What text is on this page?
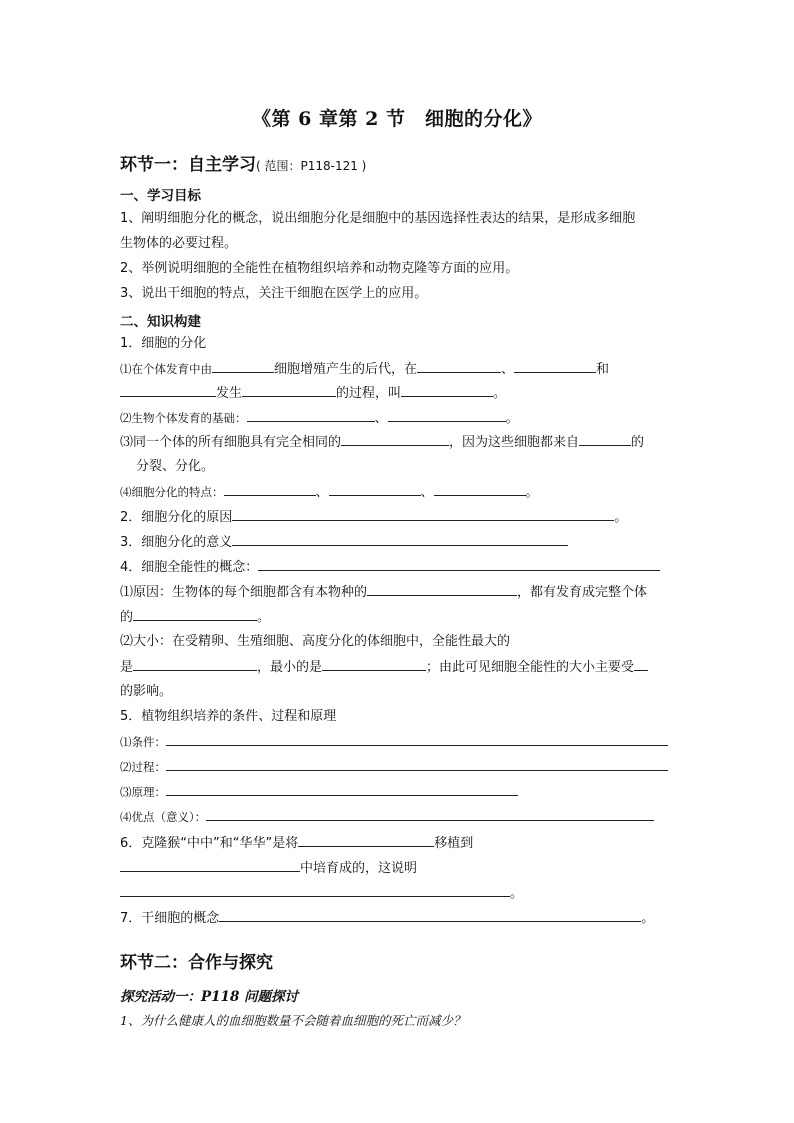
《第 6 章第 2 节　细胞的分化》
环节一：自主学习( 范围：P118-121 )
一、学习目标
1、阐明细胞分化的概念，说出细胞分化是细胞中的基因选择性表达的结果，是形成多细胞
生物体的必要过程。
2、举例说明细胞的全能性在植物组织培养和动物克隆等方面的应用。
3、说出干细胞的特点，关注干细胞在医学上的应用。
二、知识构建
1．细胞的分化
⑴在个体发育中由	细胞增殖产生的后代，在	、	和
发生	的过程，叫	。
⑵生物个体发育的基础：	、	。
⑶同一个体的所有细胞具有完全相同的	，因为这些细胞都来自	的
分裂、分化。
⑷细胞分化的特点：	、	、	。
2．细胞分化的原因	。
3．细胞分化的意义
4．细胞全能性的概念：
⑴原因：生物体的每个细胞都含有本物种的	，都有发育成完整个体
的	。
⑵大小：在受精卵、生殖细胞、高度分化的体细胞中，全能性最大的
是	，最小的是	；由此可见细胞全能性的大小主要受
的影响。
5．植物组织培养的条件、过程和原理
⑴条件：
⑵过程：
⑶原理：
⑷优点（意义）：
6．克隆猴“中中”和“华华”是将	移植到
中培育成的，这说明
。
7．干细胞的概念	。
环节二：合作与探究
探究活动一：P118 问题探讨
1、为什么健康人的血细胞数量不会随着血细胞的死亡而减少？
